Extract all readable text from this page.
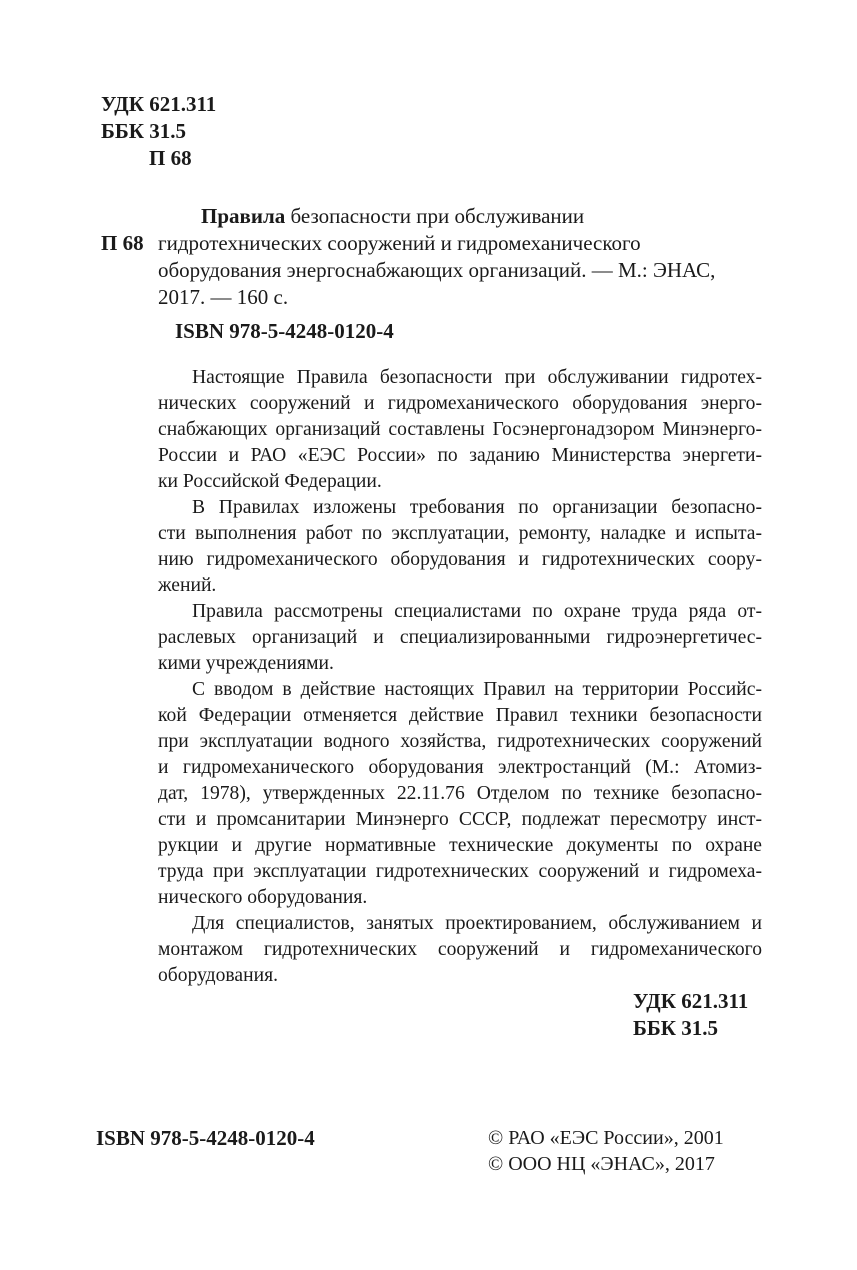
УДК 621.311
ББК 31.5
П 68
Правила безопасности при обслуживании
П 68 гидротехнических сооружений и гидромеханического
оборудования энергоснабжающих организаций. — М.: ЭНАС,
2017. — 160 с.
ISBN 978-5-4248-0120-4
Настоящие Правила безопасности при обслуживании гидротех-
нических сооружений и гидромеханического оборудования энерго-
снабжающих организаций составлены Госэнергонадзором Минэнерго-
России и РАО «ЕЭС России» по заданию Министерства энергети-
ки Российской Федерации.
В Правилах изложены требования по организации безопасно-
сти выполнения работ по эксплуатации, ремонту, наладке и испыта-
нию гидромеханического оборудования и гидротехнических соору-
жений.
Правила рассмотрены специалистами по охране труда ряда от-
раслевых организаций и специализированными гидроэнергетичес-
кими учреждениями.
С вводом в действие настоящих Правил на территории Российс-
кой Федерации отменяется действие Правил техники безопасности
при эксплуатации водного хозяйства, гидротехнических сооружений
и гидромеханического оборудования электростанций (М.: Атомиз-
дат, 1978), утвержденных 22.11.76 Отделом по технике безопасно-
сти и промсанитарии Минэнерго СССР, подлежат пересмотру инст-
рукции и другие нормативные технические документы по охране
труда при эксплуатации гидротехнических сооружений и гидромеха-
нического оборудования.
Для специалистов, занятых проектированием, обслуживанием и
монтажом гидротехнических сооружений и гидромеханического
оборудования.
УДК 621.311
ББК 31.5
ISBN 978-5-4248-0120-4	© РАО «ЕЭС России», 2001
© ООО НЦ «ЭНАС», 2017
